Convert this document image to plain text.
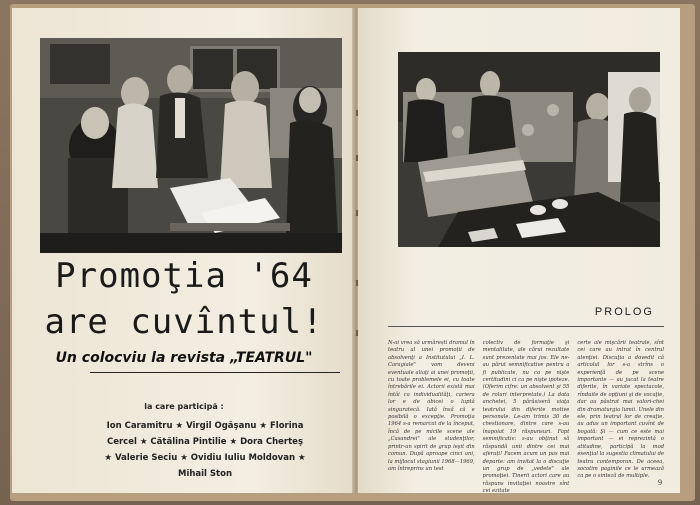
Promoţia '64
are cuvîntul!
Un colocviu la revista „TEATRUL"
la care participă :
Ion Caramitru ★ Virgil Ogăşanu ★ Florina
Cercel ★ Cătălina Pintilie ★ Dora Cherteş
★ Valerie Seciu ★ Ovidiu Iuliu Moldovan ★
Mihail Ston
PROLOG
N-ai vrea să urmărești dramul în teatru al unei promoții de absolvenţi a Institutului „I. L. Caragiale" vom deveni eventuale aliaţi ai unei promoţii, cu toate problemele ei, cu toate întrebările ei. Actorii există mai întâi ca individualităţi, cariera lor e de obicei o luptă singuratecă. Iată însă că e posibilă o excepţie. Promoţia 1964 s-a remarcat de la început, încă de pe micile scene ale „Casandrei" ale studenţilor, printr-un spirit de grup ieşit din comun. După aproape cinci ani, la mijlocul stagiunii 1968—1969, am întreprins un test
colectiv de formaţie şi mentalitate, ale cărui rezultate sunt prezentate mai jos. Ele ne-au părut semnificative pentru a fi publicate, nu ca pe nişte certitudini ci ca pe nişte ipoteze. (Oferim cifre: un absolvent şi 55 de roluri interpretate.) La data anchetei, 5 părăsiseră viaţa teatrului din diferite motive personale. Le-am trimis 30 de chestionare, dintre care s-au înapoiat 19 răspunsuri. Fapt semnificativ: s-au obţinut să răspundă unii dintre cei mai aferați! Facem acum un pas mai departe: am invitat la o discuţie un grup de „vedete" ale promoţiei. Tinerii actori care au răspuns invitaţiei noastre sînt cei ezitate
certe ale mişcării teatrale, sînt cei care au intrat în centrul atenţiei. Discuţia a dovedit că articolul lor s-a strîns o experienţă de pe scene importante — au jucat la teatre diferite, în variate spectacole, rînduite de opţiuni şi de vocaţie, dar au păstrat mai valori-chei din dramaturgia lumii. Unele din ele, prin teatrul lor de creaţie, au adus un important cuvînt de bogată: Şi — cum ce este mai important — ei reprezintă o atitudine, participă la mod esenţial la sugestia climatului de teatru contemporan. De aceea, socotim paginile ce le urmează ca pe o sinteză de multiple.
9
